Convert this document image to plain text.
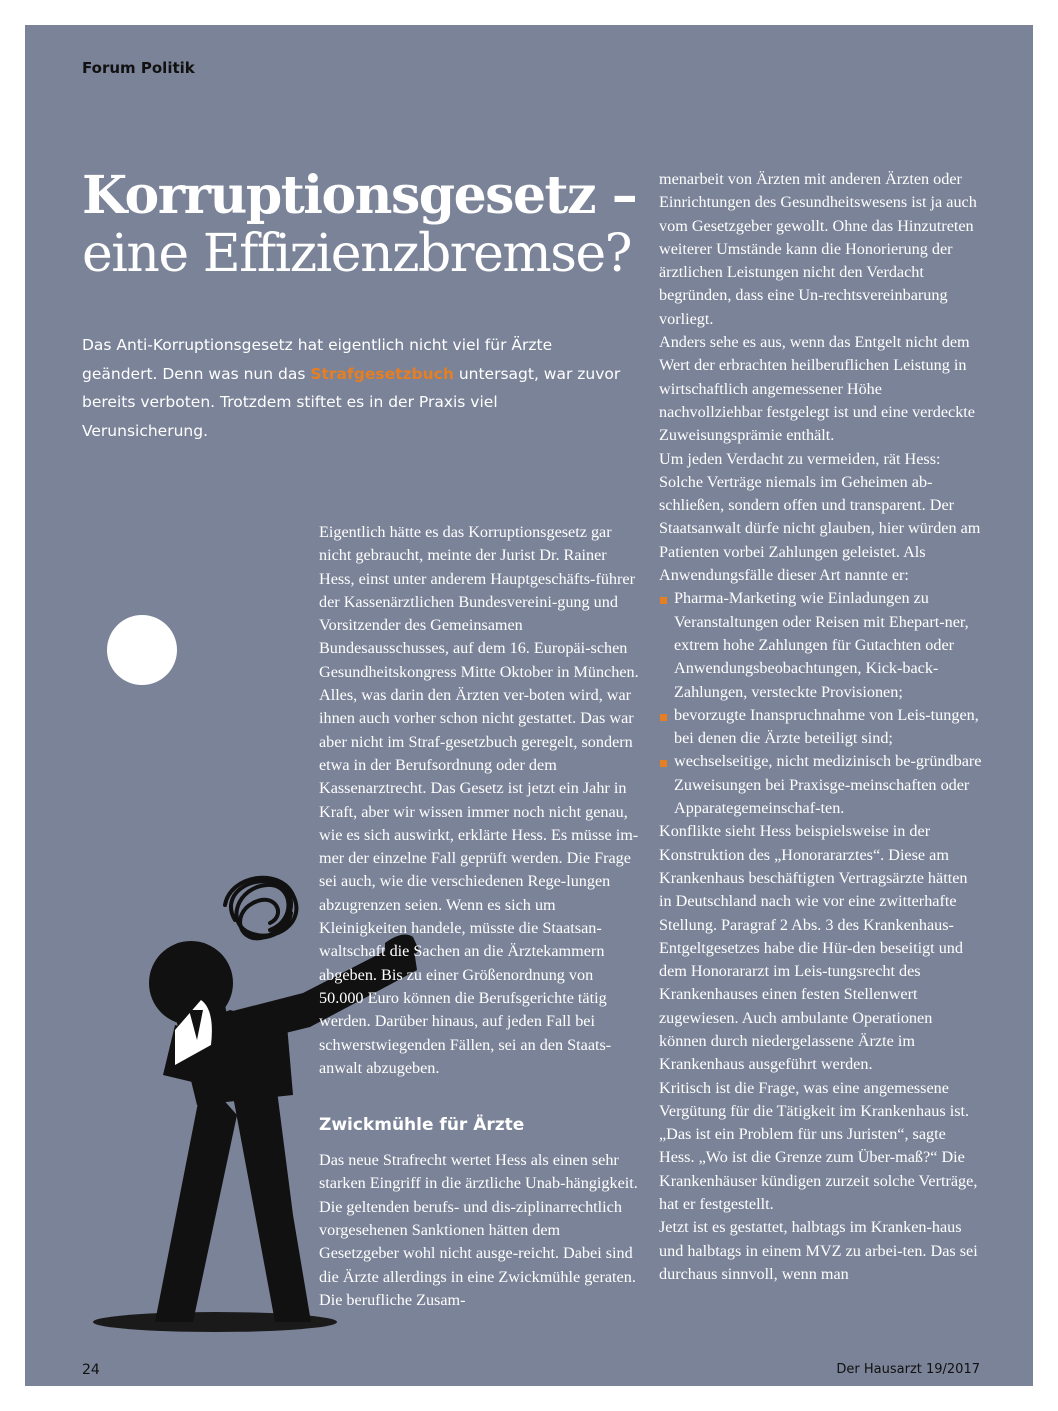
Forum Politik
Korruptionsgesetz –
eine Effizienzbremse?
Das Anti-Korruptionsgesetz hat eigentlich nicht viel für Ärzte geändert. Denn was nun das Strafgesetzbuch untersagt, war zuvor bereits verboten. Trotzdem stiftet es in der Praxis viel Verunsicherung.

Eigentlich hätte es das Korruptionsgesetz gar nicht gebraucht, meinte der Jurist Dr. Rainer Hess, einst unter anderem Hauptgeschäfts-führer der Kassenärztlichen Bundesvereini-gung und Vorsitzender des Gemeinsamen Bundesausschusses, auf dem 16. Europäi-schen Gesundheitskongress Mitte Oktober in München. Alles, was darin den Ärzten ver-boten wird, war ihnen auch vorher schon nicht gestattet. Das war aber nicht im Straf-gesetzbuch geregelt, sondern etwa in der Berufsordnung oder dem Kassenarztrecht. Das Gesetz ist jetzt ein Jahr in Kraft, aber wir wissen immer noch nicht genau, wie es sich auswirkt, erklärte Hess. Es müsse im-mer der einzelne Fall geprüft werden. Die Frage sei auch, wie die verschiedenen Rege-lungen abzugrenzen seien. Wenn es sich um Kleinigkeiten handele, müsste die Staatsan-waltschaft die Sachen an die Ärztekammern abgeben. Bis zu einer Größenordnung von 50.000 Euro können die Berufsgerichte tätig werden. Darüber hinaus, auf jeden Fall bei schwerstwiegenden Fällen, sei an den Staats-anwalt abzugeben.

Zwickmühle für Ärzte

Das neue Strafrecht wertet Hess als einen sehr starken Eingriff in die ärztliche Unab-hängigkeit. Die geltenden berufs- und dis-ziplinarrechtlich vorgesehenen Sanktionen hätten dem Gesetzgeber wohl nicht ausge-reicht. Dabei sind die Ärzte allerdings in eine Zwickmühle geraten. Die berufliche Zusam-

menarbeit von Ärzten mit anderen Ärzten oder Einrichtungen des Gesundheitswesens ist ja auch vom Gesetzgeber gewollt. Ohne das Hinzutreten weiterer Umstände kann die Honorierung der ärztlichen Leistungen nicht den Verdacht begründen, dass eine Un-rechtsvereinbarung vorliegt.

Anders sehe es aus, wenn das Entgelt nicht dem Wert der erbrachten heilberuflichen Leistung in wirtschaftlich angemessener Höhe nachvollziehbar festgelegt ist und eine verdeckte Zuweisungsprämie enthält.

Um jeden Verdacht zu vermeiden, rät Hess: Solche Verträge niemals im Geheimen ab-schließen, sondern offen und transparent. Der Staatsanwalt dürfe nicht glauben, hier würden am Patienten vorbei Zahlungen geleistet. Als Anwendungsfälle dieser Art nannte er:

Pharma-Marketing wie Einladungen zu Veranstaltungen oder Reisen mit Ehepart-ner, extrem hohe Zahlungen für Gutachten oder Anwendungsbeobachtungen, Kick-back-Zahlungen, versteckte Provisionen;
bevorzugte Inanspruchnahme von Leis-tungen, bei denen die Ärzte beteiligt sind;
wechselseitige, nicht medizinisch be-gründbare Zuweisungen bei Praxisge-meinschaften oder Apparategemeinschaf-ten.

Konflikte sieht Hess beispielsweise in der Konstruktion des „Honorararztes“. Diese am Krankenhaus beschäftigten Vertragsärzte hätten in Deutschland nach wie vor eine zwitterhafte Stellung. Paragraf 2 Abs. 3 des Krankenhaus-Entgeltgesetzes habe die Hür-den beseitigt und dem Honorararzt im Leis-tungsrecht des Krankenhauses einen festen Stellenwert zugewiesen. Auch ambulante Operationen können durch niedergelassene Ärzte im Krankenhaus ausgeführt werden.

Kritisch ist die Frage, was eine angemessene Vergütung für die Tätigkeit im Krankenhaus ist. „Das ist ein Problem für uns Juristen“, sagte Hess. „Wo ist die Grenze zum Über-maß?“ Die Krankenhäuser kündigen zurzeit solche Verträge, hat er festgestellt.

Jetzt ist es gestattet, halbtags im Kranken-haus und halbtags in einem MVZ zu arbei-ten. Das sei durchaus sinnvoll, wenn man

24	Der Hausarzt 19/2017
